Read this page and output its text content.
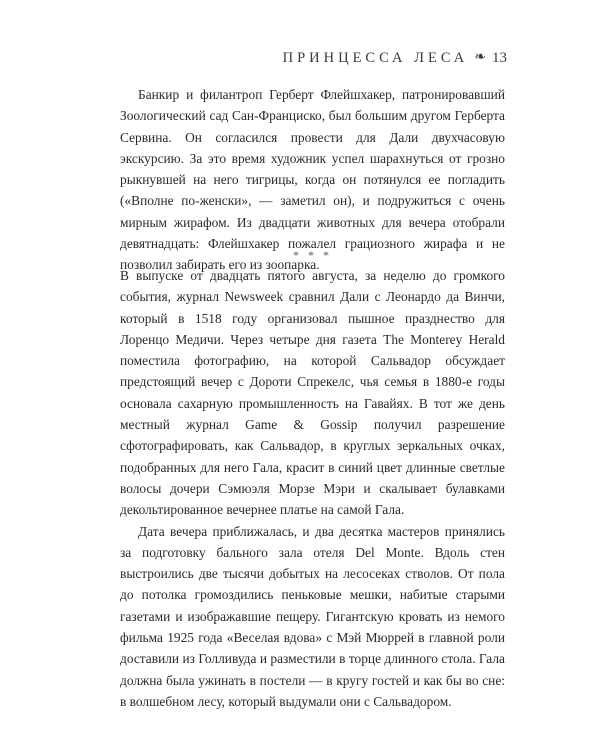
ПРИНЦЕССА ЛЕСА ❧ 13

Банкир и филантроп Герберт Флейшхакер, патронировавший Зоологический сад Сан-Франциско, был большим другом Герберта Сервина. Он согласился провести для Дали двухчасовую экскурсию. За это время художник успел шарахнуться от грозно рыкнувшей на него тигрицы, когда он потянулся ее погладить («Вполне по-женски», — заметил он), и подружиться с очень мирным жирафом. Из двадцати животных для вечера отобрали девятнадцать: Флейшхакер пожалел грациозного жирафа и не позволил забирать его из зоопарка.

* * *

В выпуске от двадцать пятого августа, за неделю до громкого события, журнал Newsweek сравнил Дали с Леонардо да Винчи, который в 1518 году организовал пышное празднество для Лоренцо Медичи. Через четыре дня газета The Monterey Herald поместила фотографию, на которой Сальвадор обсуждает предстоящий вечер с Дороти Спрекелс, чья семья в 1880-е годы основала сахарную промышленность на Гавайях. В тот же день местный журнал Game & Gossip получил разрешение сфотографировать, как Сальвадор, в круглых зеркальных очках, подобранных для него Гала, красит в синий цвет длинные светлые волосы дочери Сэмюэля Морзе Мэри и скалывает булавками декольтированное вечернее платье на самой Гала.

Дата вечера приближалась, и два десятка мастеров принялись за подготовку бального зала отеля Del Monte. Вдоль стен выстроились две тысячи добытых на лесосеках стволов. От пола до потолка громоздились пеньковые мешки, набитые старыми газетами и изображавшие пещеру. Гигантскую кровать из немого фильма 1925 года «Веселая вдова» с Мэй Мюррей в главной роли доставили из Голливуда и разместили в торце длинного стола. Гала должна была ужинать в постели — в кругу гостей и как бы во сне: в волшебном лесу, который выдумали они с Сальвадором.
